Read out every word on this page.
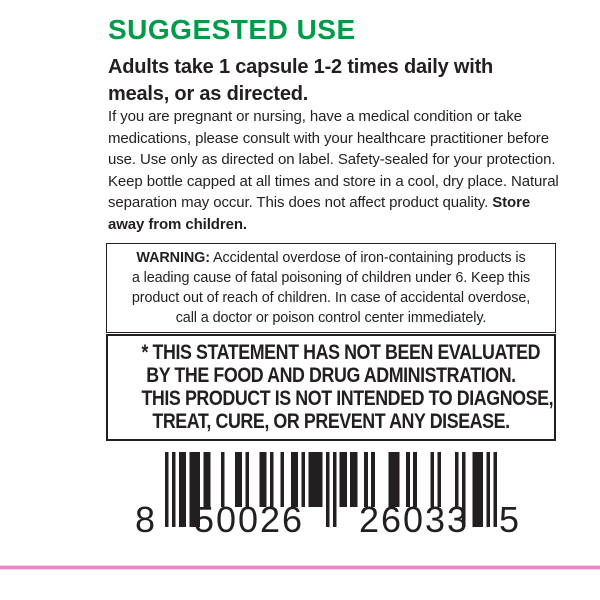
SUGGESTED USE

Adults take 1 capsule 1-2 times daily with meals, or as directed.

If you are pregnant or nursing, have a medical condition or take medications, please consult with your healthcare practitioner before use. Use only as directed on label. Safety-sealed for your protection. Keep bottle capped at all times and store in a cool, dry place. Natural separation may occur. This does not affect product quality. Store away from children.

WARNING: Accidental overdose of iron-containing products is
a leading cause of fatal poisoning of children under 6. Keep this
product out of reach of children. In case of accidental overdose,
call a doctor or poison control center immediately.
* THIS STATEMENT HAS NOT BEEN EVALUATED
BY THE FOOD AND DRUG ADMINISTRATION.
THIS PRODUCT IS NOT INTENDED TO DIAGNOSE,
TREAT, CURE, OR PREVENT ANY DISEASE.
8 50026 26033 5
